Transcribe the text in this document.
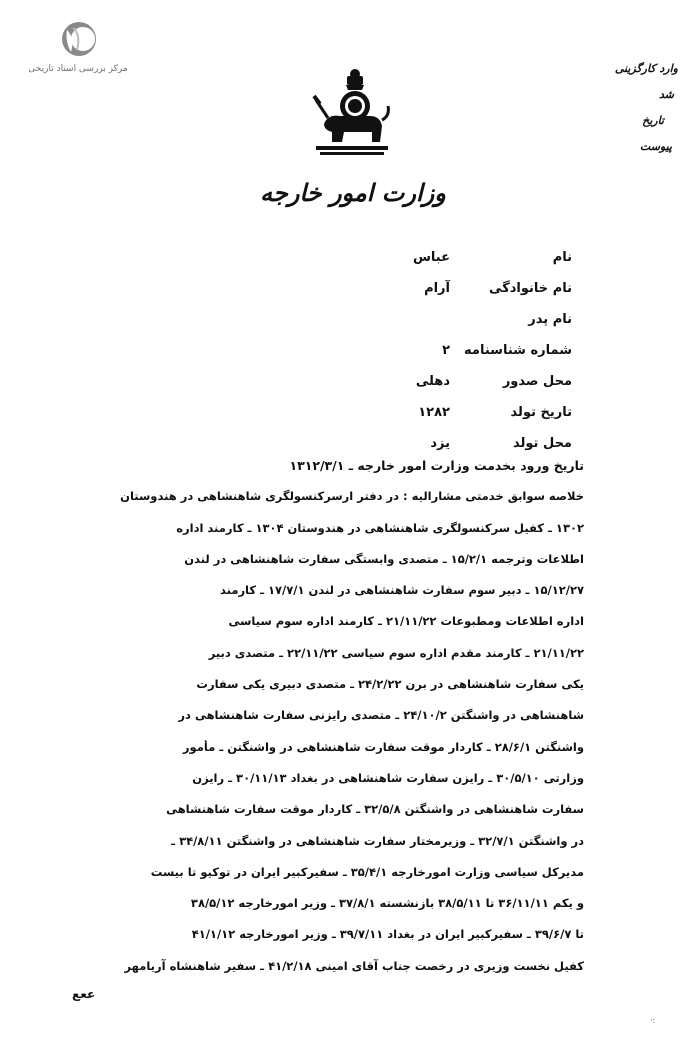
مرکز بررسی اسناد تاریخی	وارد کارگزینی
شد
تاریخ
پیوست
وزارت امور خارجه
نام
عباس
نام خانوادگی
آرام
نام پدر
شماره شناسنامه
۲
محل صدور
دهلی
تاریخ تولد
۱۲۸۲
محل تولد
یزد
تاریخ ورود بخدمت وزارت امور خارجه ـ ۱۳۱۲/۳/۱
خلاصه سوابق خدمتی مشارالیه : در دفتر ارسرکنسولگری شاهنشاهی در هندوستان
۱۳۰۲ ـ کفیل سرکنسولگری شاهنشاهی در هندوستان ۱۳۰۴ ـ کارمند اداره
اطلاعات وترجمه ۱۵/۲/۱ ـ متصدی وابستگی سفارت شاهنشاهی در لندن
۱۵/۱۲/۲۷ ـ دبیر سوم سفارت شاهنشاهی در لندن ۱۷/۷/۱ ـ کارمند
اداره اطلاعات ومطبوعات ۲۱/۱۱/۲۲ ـ کارمند اداره سوم سیاسی
۲۱/۱۱/۲۲ ـ کارمند مقدم اداره سوم سیاسی ۲۲/۱۱/۲۲ ـ متصدی دبیر
یکی سفارت شاهنشاهی در برن ۲۴/۲/۲۲ ـ متصدی دبیری یکی سفارت
شاهنشاهی در واشنگتن ۲۴/۱۰/۲ ـ متصدی رایزنی سفارت شاهنشاهی در
واشنگتن ۲۸/۶/۱ ـ کاردار موقت سفارت شاهنشاهی در واشنگتن ـ مأمور
وزارتی ۳۰/۵/۱۰ ـ رایزن سفارت شاهنشاهی در بغداد ۳۰/۱۱/۱۳ ـ رایزن
سفارت شاهنشاهی در واشنگتن ۳۲/۵/۸ ـ کاردار موقت سفارت شاهنشاهی
در واشنگتن ۳۲/۷/۱ ـ وزیرمختار سفارت شاهنشاهی در واشنگتن ۳۴/۸/۱۱ ـ
مدیرکل سیاسی وزارت امورخارجه ۳۵/۴/۱ ـ سفیرکبیر ایران در توکیو تا بیست
و یکم ۳۶/۱۱/۱۱ تا ۳۸/۵/۱۱ بازنشسته ۳۷/۸/۱ ـ وزیر امورخارجه ۳۸/۵/۱۲
تا ۳۹/۶/۷ ـ سفیرکبیر ایران در بغداد ۳۹/۷/۱۱ ـ وزیر امورخارجه ۴۱/۱/۱۲
کفیل نخست وزیری در رخصت جناب آقای امینی ۴۱/۲/۱۸ ـ سفیر شاهنشاه آریامهر
ععع
·:
